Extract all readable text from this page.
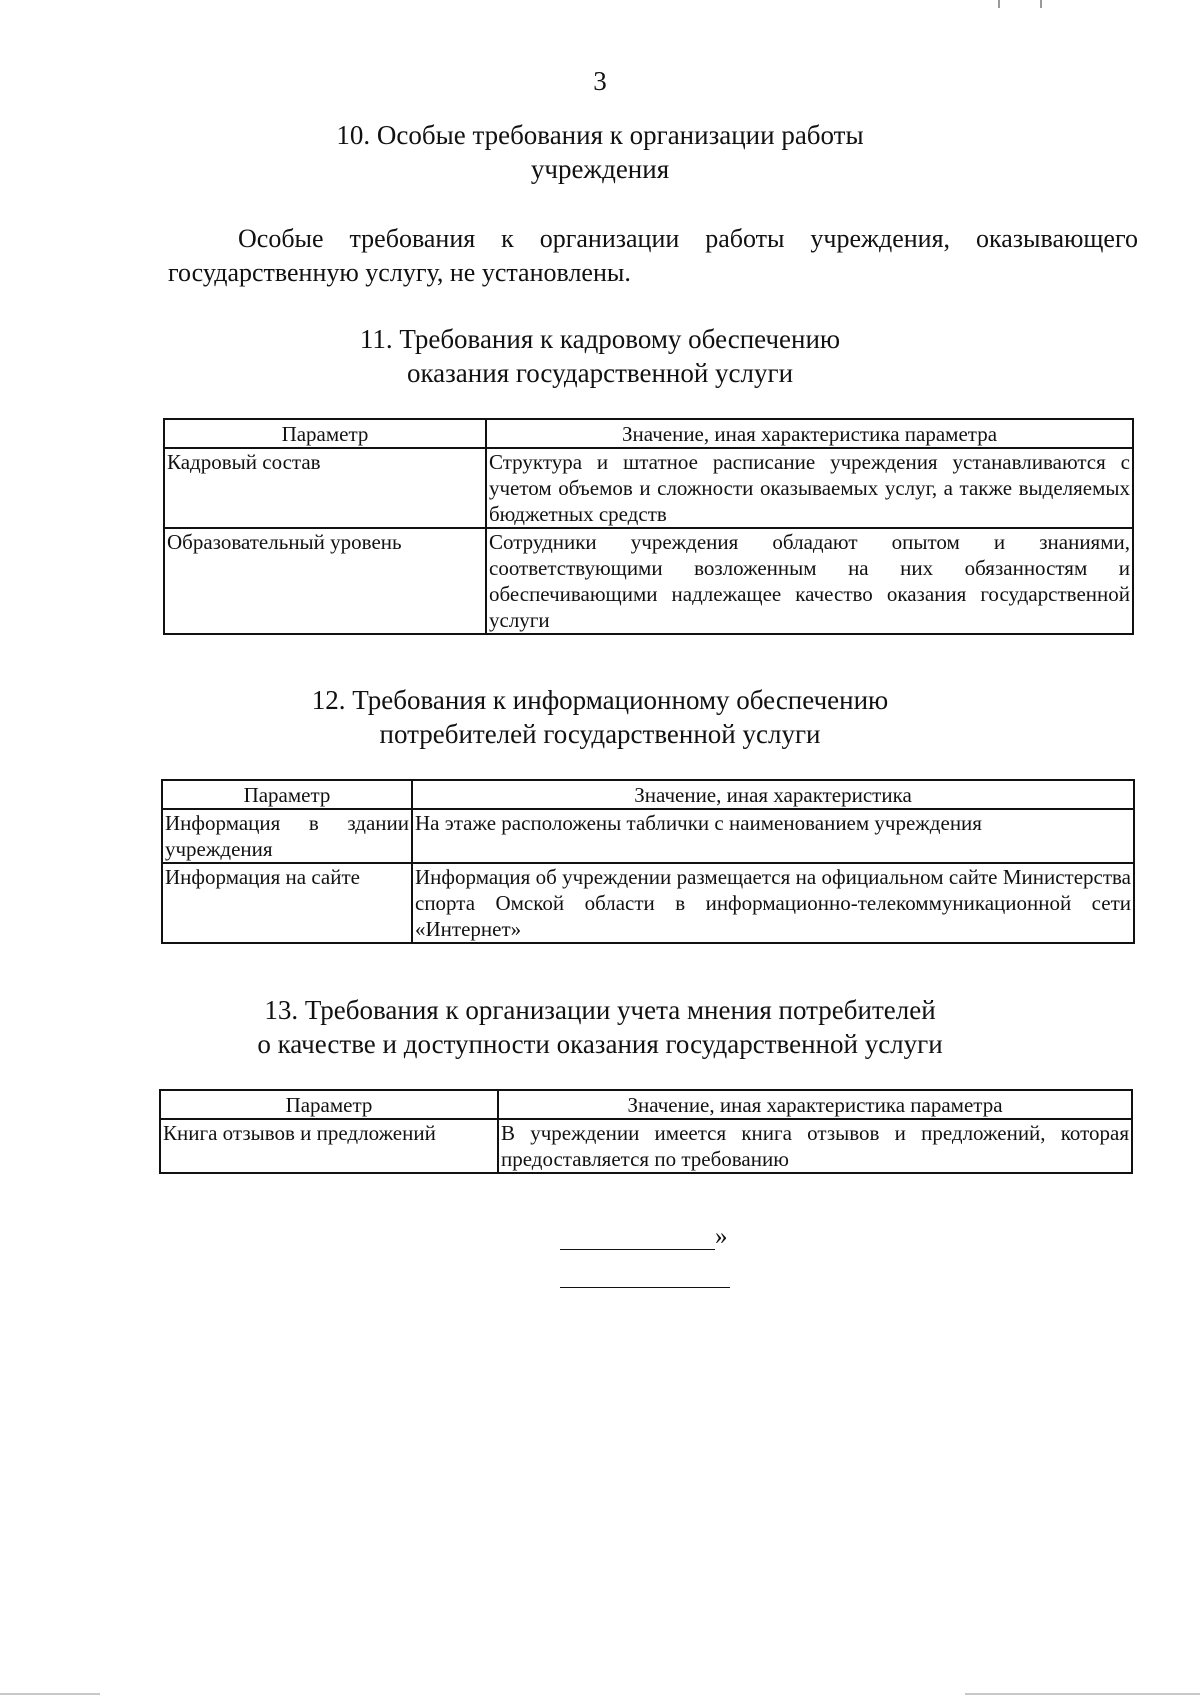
3
10. Особые требования к организации работы
учреждения
Особые требования к организации работы учреждения, оказывающего государственную услугу, не установлены.
11. Требования к кадровому обеспечению
оказания государственной услуги
Параметр	Значение, иная характеристика параметра
Кадровый состав	Структура и штатное расписание учреждения устанавливаются с учетом объемов и сложности оказываемых услуг, а также выделяемых бюджетных средств
Образовательный уровень	Сотрудники учреждения обладают опытом и знаниями, соответствующими возложенным на них обязанностям и обеспечивающими надлежащее качество оказания государственной услуги
12. Требования к информационному обеспечению
потребителей государственной услуги
Параметр	Значение, иная характеристика
Информация в здании учреждения	На этаже расположены таблички с наименованием учреждения
Информация на сайте	Информация об учреждении размещается на официальном сайте Министерства спорта Омской области в информационно-телекоммуникационной сети «Интернет»
13. Требования к организации учета мнения потребителей
о качестве и доступности оказания государственной услуги
Параметр	Значение, иная характеристика параметра
Книга отзывов и предложений	В учреждении имеется книга отзывов и предложений, которая предоставляется по требованию
»
